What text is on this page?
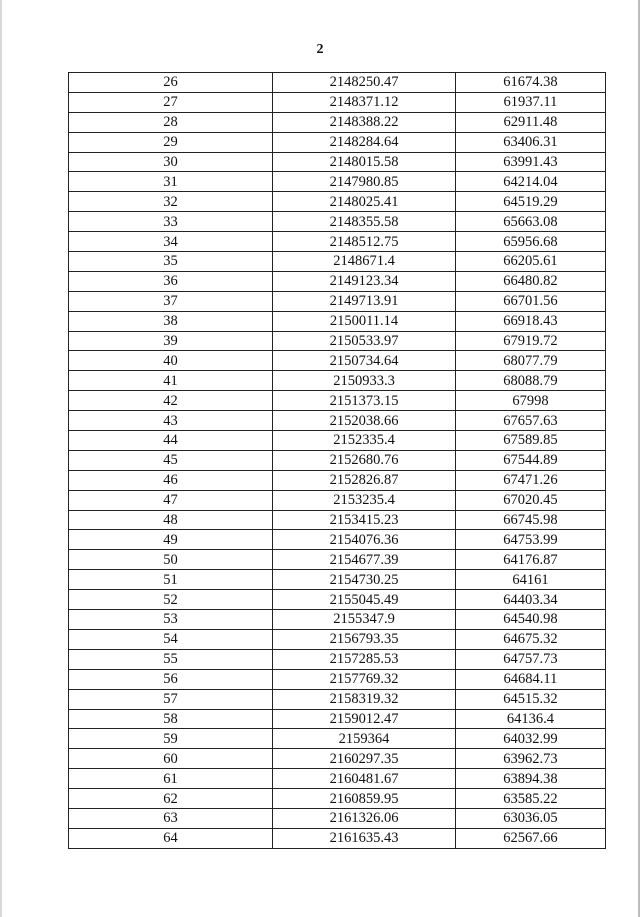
2
26	2148250.47	61674.38
27	2148371.12	61937.11
28	2148388.22	62911.48
29	2148284.64	63406.31
30	2148015.58	63991.43
31	2147980.85	64214.04
32	2148025.41	64519.29
33	2148355.58	65663.08
34	2148512.75	65956.68
35	2148671.4	66205.61
36	2149123.34	66480.82
37	2149713.91	66701.56
38	2150011.14	66918.43
39	2150533.97	67919.72
40	2150734.64	68077.79
41	2150933.3	68088.79
42	2151373.15	67998
43	2152038.66	67657.63
44	2152335.4	67589.85
45	2152680.76	67544.89
46	2152826.87	67471.26
47	2153235.4	67020.45
48	2153415.23	66745.98
49	2154076.36	64753.99
50	2154677.39	64176.87
51	2154730.25	64161
52	2155045.49	64403.34
53	2155347.9	64540.98
54	2156793.35	64675.32
55	2157285.53	64757.73
56	2157769.32	64684.11
57	2158319.32	64515.32
58	2159012.47	64136.4
59	2159364	64032.99
60	2160297.35	63962.73
61	2160481.67	63894.38
62	2160859.95	63585.22
63	2161326.06	63036.05
64	2161635.43	62567.66
